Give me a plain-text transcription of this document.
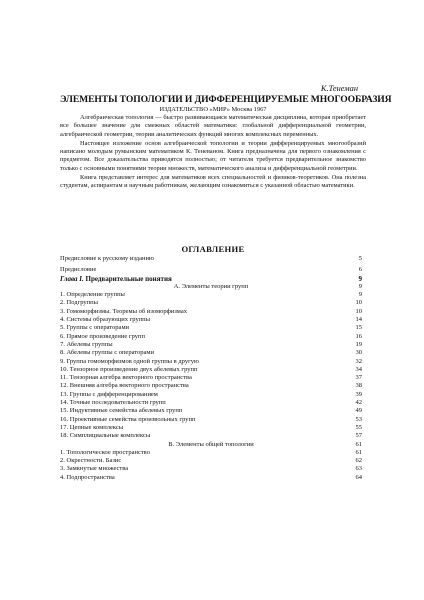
К.Тенеман
ЭЛЕМЕНТЫ ТОПОЛОГИИ И ДИФФЕРЕНЦИРУЕМЫЕ МНОГООБРАЗИЯ
ИЗДАТЕЛЬСТВО «МИР» Москва 1967

Алгебраическая топология — быстро развивающаяся математическая дисциплина, которая приобретает все большее значение для смежных областей математики: глобальной дифференциальной геометрии, алгебраической геометрии, теории аналитических функций многих комплексных переменных.

Настоящее изложение основ алгебраической топологии и теории дифференцируемых многообразий написано молодым румынским математиком К. Теневаном. Книга предназначена для первого ознакомления с предметом. Все доказательства приводятся полностью; от читателя требуется предварительное знакомство только с основными понятиями теории множеств, математического анализа и дифференциальной геометрии.

Книга представляет интерес для математиков всех специальностей и физиков-теоретиков. Она полезна студентам, аспирантам и научным работникам, желающим ознакомиться с указанной областью математики.

ОГЛАВЛЕНИЕ
Предисловие к русскому изданию	5
Предисловие	6
Глава I. Предварительные понятия	9
А. Элементы теории групп	9
1. Определение группы	9
2. Подгруппы	10
3. Гомоморфизмы. Теоремы об изоморфизмах	10
4. Системы образующих группы	14
5. Группы с операторами	15
6. Прямое произведение групп	16
7. Абелевы группы	19
8. Абелевы группы с операторами	30
9. Группа гомоморфизмов одной группы в другую	32
10. Тензорное произведение двух абелевых групп	34
11. Тензорная алгебра векторного пространства	37
12. Внешняя алгебра векторного пространства	38
13. Группы с дифференцированием	39
14. Точные последовательности групп	42
15. Индуктивные семейства абелевых групп	49
16. Проективные семейства произвольных групп	53
17. Цепные комплексы	55
18. Симплициальные комплексы	57
В. Элементы общей топологии	61
1. Топологическое пространство	61
2. Окрестности. Базис	62
3. Замкнутые множества	63
4. Подпространства	64
